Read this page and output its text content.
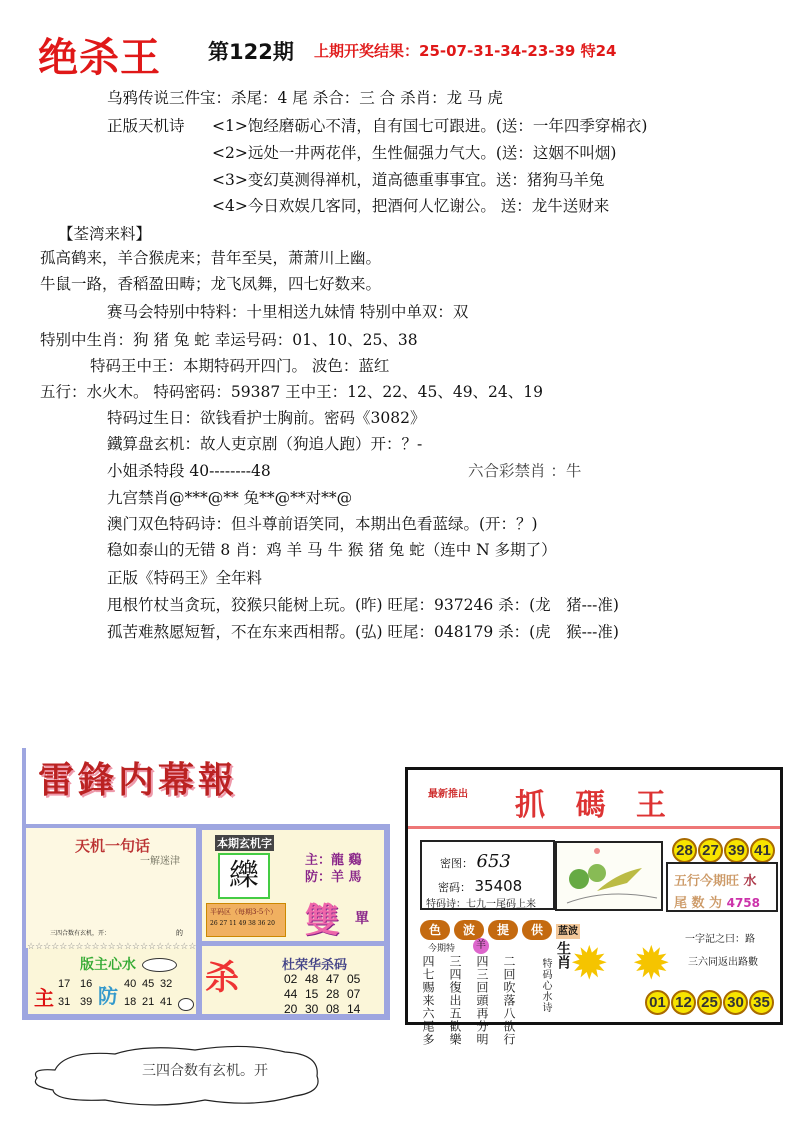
绝杀王 第122期 上期开奖结果：25-07-31-34-23-39 特24
乌鸦传说三件宝：杀尾：4 尾 杀合：三 合 杀肖：龙 马 虎
正版天机诗 <1>饱经磨砺心不清，自有国七可跟进。(送：一年四季穿棉衣)
<2>远处一井两花伴，生性倔强力气大。(送：这姻不叫烟)
<3>变幻莫测得禅机，道高德重事事宜。送：猪狗马羊兔
<4>今日欢娱几客同，把酒何人忆谢公。 送：龙牛送财来
【荃湾来料】
孤高鹤来，羊合猴虎来；昔年至吴，萧萧川上幽。
牛鼠一路，香稻盈田畴；龙飞凤舞，四七好数来。
赛马会特别中特料：十里相送九妹情 特别中单双：双
特别中生肖：狗 猪 兔 蛇 幸运号码：01、10、25、38
特码王中王：本期特码开四门。 波色：蓝红
五行：水火木。 特码密码：59387 王中王：12、22、45、49、24、19
特码过生日：欲钱看护士胸前。密码《3082》
鐵算盘玄机：故人吏京剧（狗追人跑）开：？-
小姐杀特段 40--------48	六合彩禁肖 ：牛
九宫禁肖@***@** 兔**@**对**@
澳门双色特码诗：但斗尊前语笑同，本期出色看蓝绿。(开：？)
稳如泰山的无错 8 肖：鸡 羊 马 牛 猴 猪 兔 蛇（连中 N 多期了）
正版《特码王》全年料
甩根竹杖当贪玩，狡猴只能树上玩。(昨) 旺尾：937246 杀：(龙　猪---准)
孤苦难熬愿短暂，不在东来西相帮。(弘) 旺尾：048179 杀：(虎　猴---准)
雷鋒内幕報
天机一句话
一解迷津
三四合数有玄机，开：	的
☆☆☆☆☆☆☆☆☆☆☆☆☆☆☆☆☆☆☆☆☆
版主心水
主
17 16
31 39 防 40 45 32
18 21 41
本期玄机字
纅
平码区（每期3-5个）
26 27 11 49 38 36 20
主：龍 鷄
防：羊 馬
雙 單
杀	杜荣华杀码
02 48 47 05
44 15 28 07
20 30 08 14
最新推出 抓 碼 王
密图： 653
密码： 35408
特码诗：七九一尾码上来
28 27 39 41
五行今期旺 水
尾 数 为 4758
色 波 提 供 蓝波
今期特	羊
四七赐来六尾多 三四復出五歓樂 四三回頭再分明 二回吹落八欲行	生肖
特码心水诗 ✹ ✹ 一字記之曰：路
三六同返出路數
01 12 25 30 35
三四合数有玄机。开
